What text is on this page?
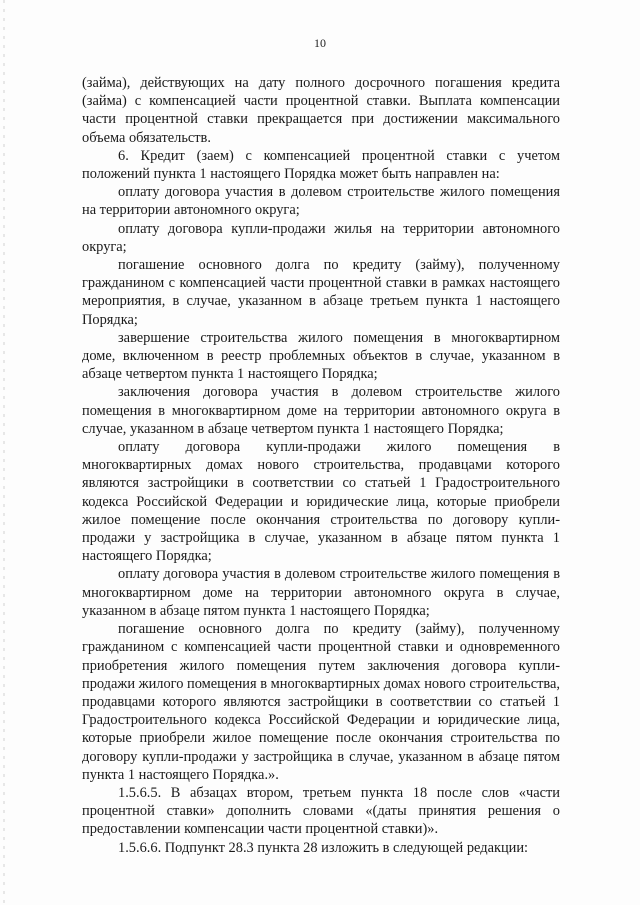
10

(займа), действующих на дату полного досрочного погашения кредита (займа) с компенсацией части процентной ставки. Выплата компенсации части процентной ставки прекращается при достижении максимального объема обязательств.

6. Кредит (заем) с компенсацией процентной ставки с учетом положений пункта 1 настоящего Порядка может быть направлен на:

оплату договора участия в долевом строительстве жилого помещения на территории автономного округа;

оплату договора купли-продажи жилья на территории автономного округа;

погашение основного долга по кредиту (займу), полученному гражданином с компенсацией части процентной ставки в рамках настоящего мероприятия, в случае, указанном в абзаце третьем пункта 1 настоящего Порядка;

завершение строительства жилого помещения в многоквартирном доме, включенном в реестр проблемных объектов в случае, указанном в абзаце четвертом пункта 1 настоящего Порядка;

заключения договора участия в долевом строительстве жилого помещения в многоквартирном доме на территории автономного округа в случае, указанном в абзаце четвертом пункта 1 настоящего Порядка;

оплату договора купли-продажи жилого помещения в многоквартирных домах нового строительства, продавцами которого являются застройщики в соответствии со статьей 1 Градостроительного кодекса Российской Федерации и юридические лица, которые приобрели жилое помещение после окончания строительства по договору купли-продажи у застройщика в случае, указанном в абзаце пятом пункта 1 настоящего Порядка;

оплату договора участия в долевом строительстве жилого помещения в многоквартирном доме на территории автономного округа в случае, указанном в абзаце пятом пункта 1 настоящего Порядка;

погашение основного долга по кредиту (займу), полученному гражданином с компенсацией части процентной ставки и одновременного приобретения жилого помещения путем заключения договора купли-продажи жилого помещения в многоквартирных домах нового строительства, продавцами которого являются застройщики в соответствии со статьей 1 Градостроительного кодекса Российской Федерации и юридические лица, которые приобрели жилое помещение после окончания строительства по договору купли-продажи у застройщика в случае, указанном в абзаце пятом пункта 1 настоящего Порядка.».

1.5.6.5. В абзацах втором, третьем пункта 18 после слов «части процентной ставки» дополнить словами «(даты принятия решения о предоставлении компенсации части процентной ставки)».

1.5.6.6. Подпункт 28.3 пункта 28 изложить в следующей редакции:
